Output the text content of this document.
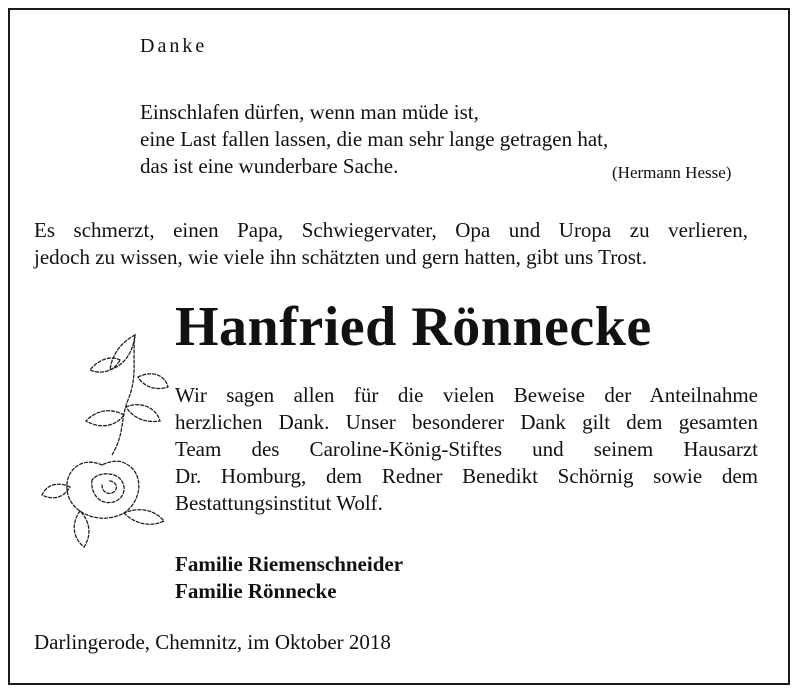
Danke
Einschlafen dürfen, wenn man müde ist,
eine Last fallen lassen, die man sehr lange getragen hat,
das ist eine wunderbare Sache.	(Hermann Hesse)
Es schmerzt, einen Papa, Schwiegervater, Opa und Uropa zu verlieren,
jedoch zu wissen, wie viele ihn schätzten und gern hatten, gibt uns Trost.
Hanfried Rönnecke
Wir sagen allen für die vielen Beweise der Anteilnahme
herzlichen Dank. Unser besonderer Dank gilt dem gesamten
Team des Caroline-König-Stiftes und seinem Hausarzt
Dr. Homburg, dem Redner Benedikt Schörnig sowie dem
Bestattungsinstitut Wolf.
Familie Riemenschneider
Familie Rönnecke
Darlingerode, Chemnitz, im Oktober 2018
